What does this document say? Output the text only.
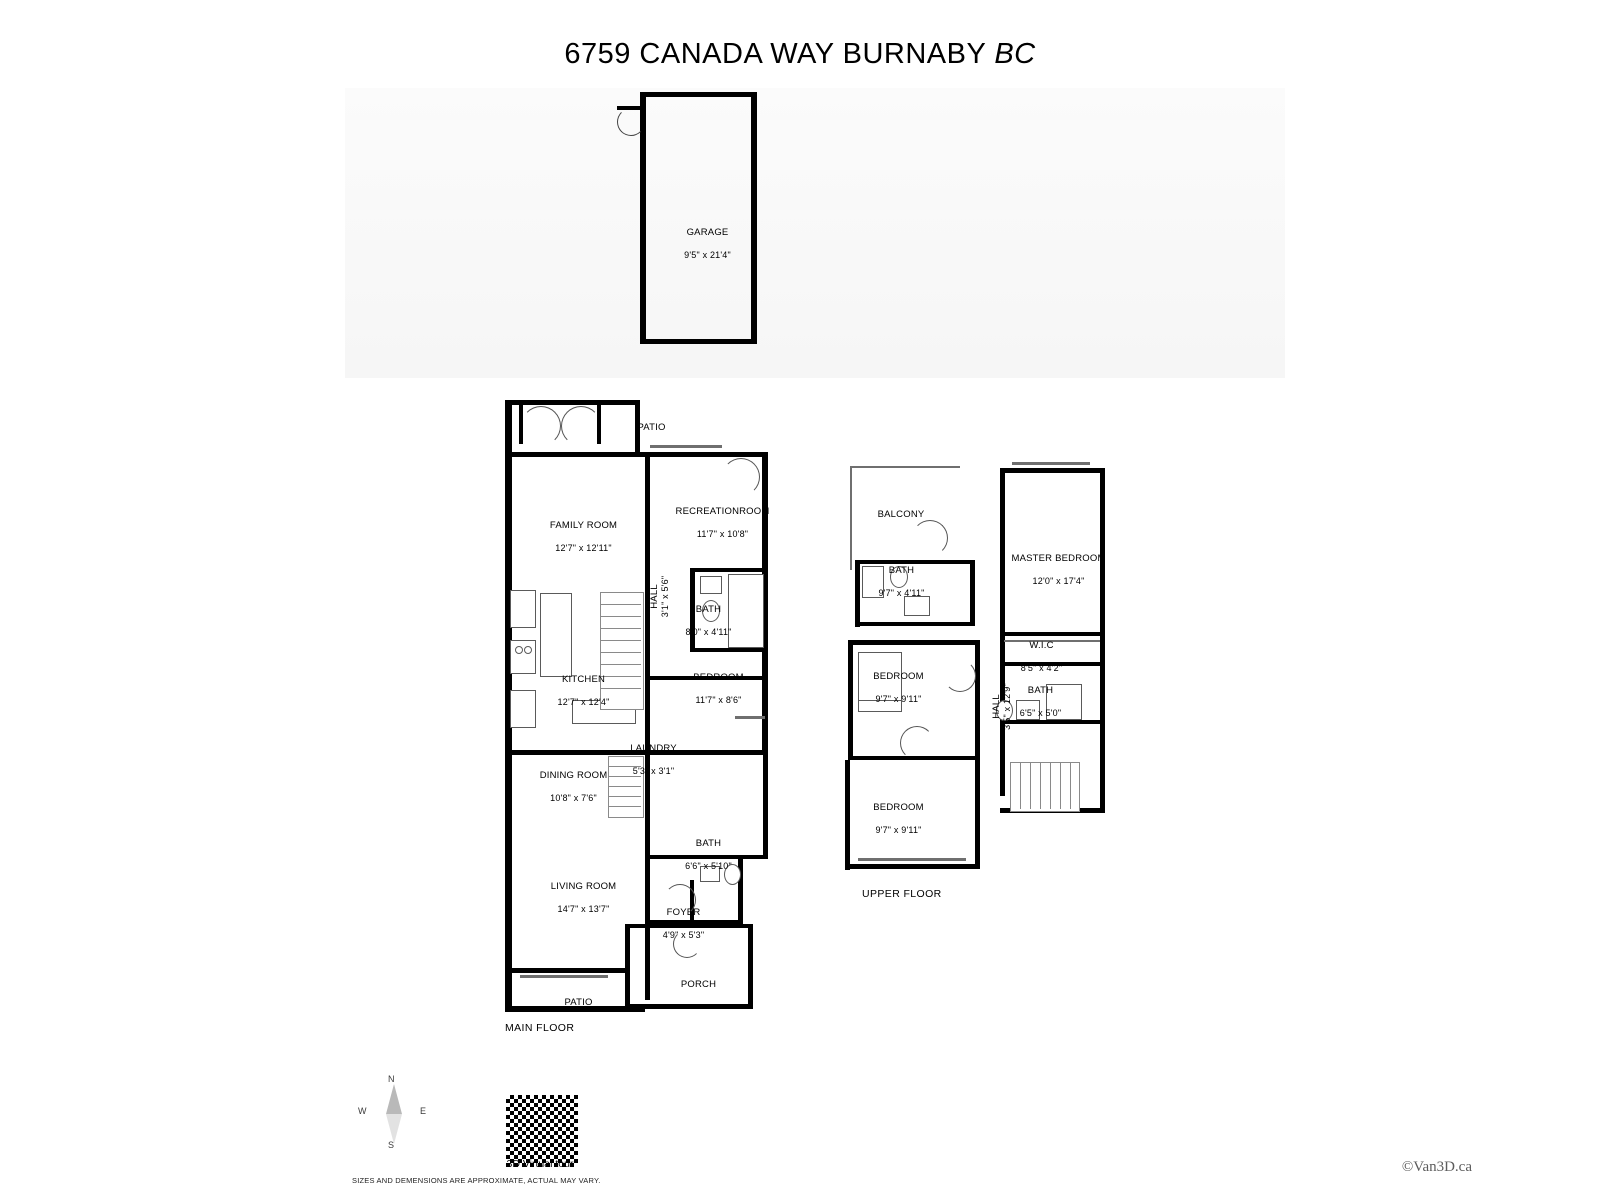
6759 CANADA WAY BURNABY BC

GARAGE

9'5" x 21'4"

FAMILY ROOM

12'7" x 12'11"

PATIO

RECREATIONROOM

11'7" x 10'8"

HALL
3'1" x 5'6"
	BATH

8'0" x 4'11"

KITCHEN

12'7" x 12'4"

BEDROOM

11'7" x 8'6"

LAUNDRY

5'3" x 3'1"

DINING ROOM

10'8" x 7'6"

BATH

6'6" x 5'10"

LIVING ROOM

14'7" x 13'7"
	FOYER

4'9" x 5'3"

PORCH

PATIO

MAIN FLOOR

BALCONY

MASTER BEDROOM

12'0" x 17'4"

BATH

9'7" x 4'11"

W.I.C

8'5" x 4'2"

BATH

6'5" x 5'0"

BEDROOM

9'7" x 9'11"
	HALL
3'5" x 12'9"

BEDROOM

9'7" x 9'11"

UPPER FLOOR
W	E
N
S
3D Virtual tour
SIZES AND DEMENSIONS ARE APPROXIMATE, ACTUAL MAY VARY.
©Van3D.ca
